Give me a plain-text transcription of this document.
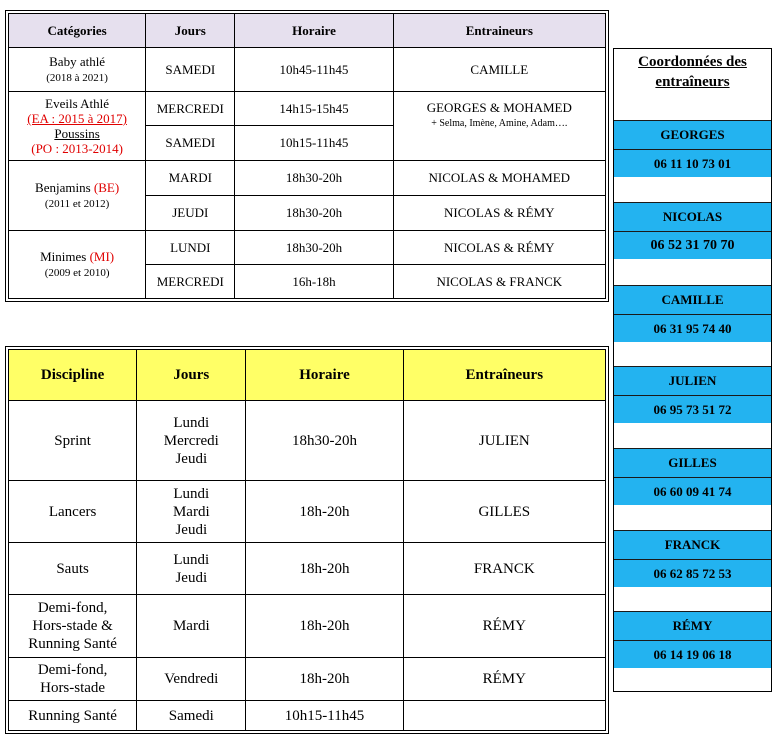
Catégories	Jours	Horaire	Entraineurs
Baby athlé
(2018 à 2021)	SAMEDI	10h45-11h45	CAMILLE
Eveils Athlé
(EA : 2015 à 2017)
Poussins
(PO : 2013-2014)	MERCREDI	14h15-15h45	GEORGES & MOHAMED
+ Selma, Imène, Amine, Adam….

	SAMEDI	10h15-11h45	
Benjamins (BE)
(2011 et 2012)	MARDI	18h30-20h	NICOLAS & MOHAMED
	JEUDI	18h30-20h	NICOLAS & RÉMY
Minimes (MI)
(2009 et 2010)	LUNDI	18h30-20h	NICOLAS & RÉMY
	MERCREDI	16h-18h	NICOLAS & FRANCK
Discipline	Jours	Horaire	Entraîneurs
Sprint	Lundi
Mercredi
Jeudi	18h30-20h	JULIEN
Lancers	Lundi
Mardi
Jeudi	18h-20h	GILLES
Sauts	Lundi
Jeudi	18h-20h	FRANCK
Demi-fond,
Hors-stade &
Running Santé	Mardi	18h-20h	RÉMY
Demi-fond,
Hors-stade	Vendredi	18h-20h	RÉMY
Running Santé	Samedi	10h15-11h45	
Coordonnées des
entraîneurs
GEORGES
06 11 10 73 01
NICOLAS
06 52 31 70 70
CAMILLE
06 31 95 74 40
JULIEN
06 95 73 51 72
GILLES
06 60 09 41 74
FRANCK
06 62 85 72 53
RÉMY
06 14 19 06 18
